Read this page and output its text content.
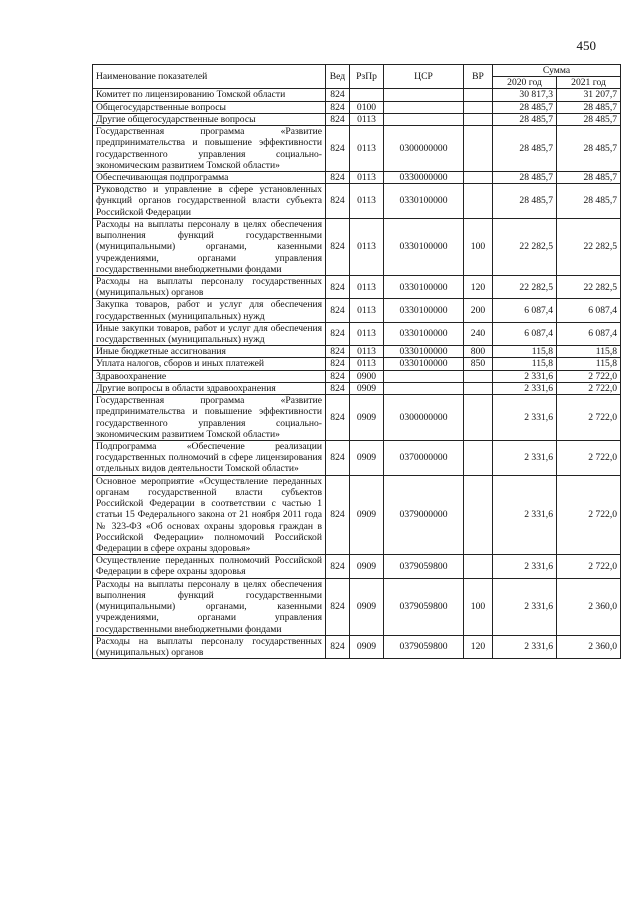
450
Наименование показателей	Вед	РзПр	ЦСР	ВР	Сумма	
					2020 год	2021 год
Комитет по лицензированию Томской области	824				30 817,3	31 207,7
Общегосударственные вопросы	824	0100			28 485,7	28 485,7
Другие общегосударственные вопросы	824	0113			28 485,7	28 485,7
Государственная программа «Развитие предпринимательства и повышение эффективности государственного управления социально-экономическим развитием Томской области»	824	0113	0300000000		28 485,7	28 485,7
Обеспечивающая подпрограмма	824	0113	0330000000		28 485,7	28 485,7
Руководство и управление в сфере установленных функций органов государственной власти субъекта Российской Федерации	824	0113	0330100000		28 485,7	28 485,7
Расходы на выплаты персоналу в целях обеспечения выполнения функций государственными (муниципальными) органами, казенными учреждениями, органами управления государственными внебюджетными фондами	824	0113	0330100000	100	22 282,5	22 282,5
Расходы на выплаты персоналу государственных (муниципальных) органов	824	0113	0330100000	120	22 282,5	22 282,5
Закупка товаров, работ и услуг для обеспечения государственных (муниципальных) нужд	824	0113	0330100000	200	6 087,4	6 087,4
Иные закупки товаров, работ и услуг для обеспечения государственных (муниципальных) нужд	824	0113	0330100000	240	6 087,4	6 087,4
Иные бюджетные ассигнования	824	0113	0330100000	800	115,8	115,8
Уплата налогов, сборов и иных платежей	824	0113	0330100000	850	115,8	115,8
Здравоохранение	824	0900			2 331,6	2 722,0
Другие вопросы в области здравоохранения	824	0909			2 331,6	2 722,0
Государственная программа «Развитие предпринимательства и повышение эффективности государственного управления социально-экономическим развитием Томской области»	824	0909	0300000000		2 331,6	2 722,0
Подпрограмма «Обеспечение реализации государственных полномочий в сфере лицензирования отдельных видов деятельности Томской области»	824	0909	0370000000		2 331,6	2 722,0
Основное мероприятие «Осуществление переданных органам государственной власти субъектов Российской Федерации в соответствии с частью 1 статьи 15 Федерального закона от 21 ноября 2011 года № 323-ФЗ «Об основах охраны здоровья граждан в Российской Федерации» полномочий Российской Федерации в сфере охраны здоровья»	824	0909	0379000000		2 331,6	2 722,0
Осуществление переданных полномочий Российской Федерации в сфере охраны здоровья	824	0909	0379059800		2 331,6	2 722,0
Расходы на выплаты персоналу в целях обеспечения выполнения функций государственными (муниципальными) органами, казенными учреждениями, органами управления государственными внебюджетными фондами	824	0909	0379059800	100	2 331,6	2 360,0
Расходы на выплаты персоналу государственных (муниципальных) органов	824	0909	0379059800	120	2 331,6	2 360,0
